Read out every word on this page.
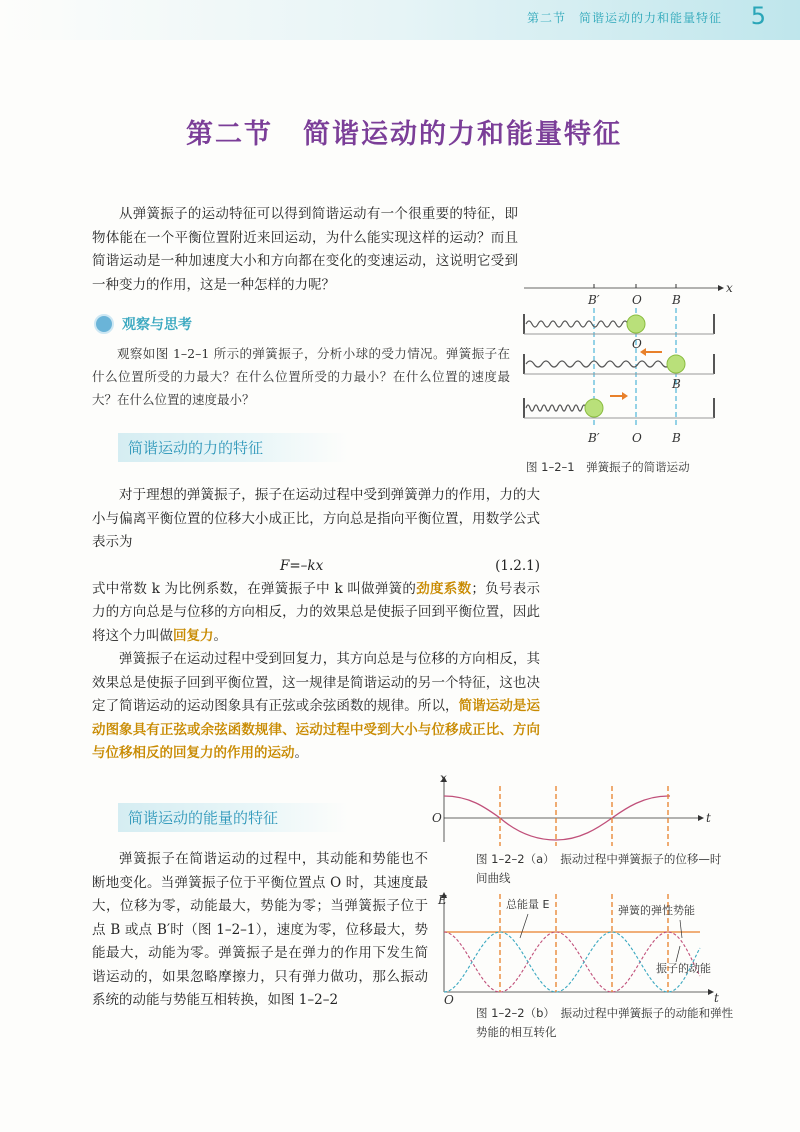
第二节　简谐运动的力和能量特征 5
第二节 简谐运动的力和能量特征

从弹簧振子的运动特征可以得到简谐运动有一个很重要的特征，即物体能在一个平衡位置附近来回运动，为什么能实现这样的运动？而且简谐运动是一种加速度大小和方向都在变化的变速运动，这说明它受到一种变力的作用，这是一种怎样的力呢？

观察与思考

观察如图 1–2–1 所示的弹簧振子，分析小球的受力情况。弹簧振子在什么位置所受的力最大？在什么位置所受的力最小？在什么位置的速度最大？在什么位置的速度最小？

B′	O	B
x
O
B
B′	O	B
图 1–2–1　弹簧振子的简谐运动
简谐运动的力的特征

对于理想的弹簧振子，振子在运动过程中受到弹簧弹力的作用，力的大小与偏离平衡位置的位移大小成正比，方向总是指向平衡位置，用数学公式表示为

F=–kx	(1.2.1)

式中常数 k 为比例系数，在弹簧振子中 k 叫做弹簧的劲度系数；负号表示力的方向总是与位移的方向相反，力的效果总是使振子回到平衡位置，因此将这个力叫做回复力。

弹簧振子在运动过程中受到回复力，其方向总是与位移的方向相反，其效果总是使振子回到平衡位置，这一规律是简谐运动的另一个特征，这也决定了简谐运动的运动图象具有正弦或余弦函数的规律。所以，简谐运动是运动图象具有正弦或余弦函数规律、运动过程中受到大小与位移成正比、方向与位移相反的回复力的作用的运动。

简谐运动的能量的特征

弹簧振子在简谐运动的过程中，其动能和势能也不断地变化。当弹簧振子位于平衡位置点 O 时，其速度最大，位移为零，动能最大，势能为零；当弹簧振子位于点 B 或点 B′时（图 1–2–1），速度为零，位移最大，势能最大，动能为零。弹簧振子是在弹力的作用下发生简谐运动的，如果忽略摩擦力，只有弹力做功，那么振动系统的动能与势能互相转换，如图 1–2–2

x
t
O
图 1–2–2（a）　振动过程中弹簧振子的位移—时间曲线
E
t
O
总能量 E	弹簧的弹性势能
振子的动能
图 1–2–2（b）　振动过程中弹簧振子的动能和弹性势能的相互转化
